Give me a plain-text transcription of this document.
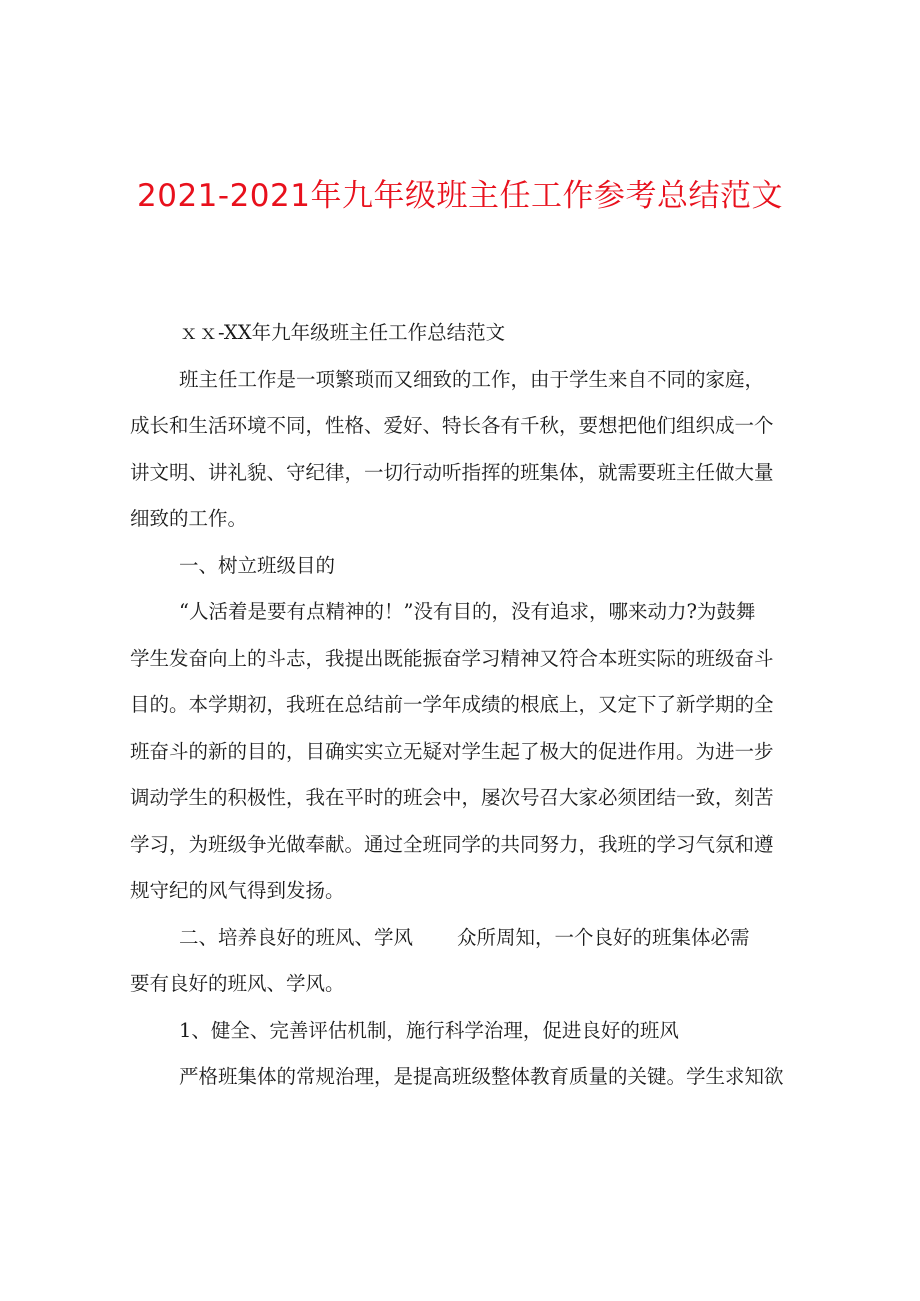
2021-2021年九年级班主任工作参考总结范文
ｘｘ-XX年九年级班主任工作总结范文
班主任工作是一项繁琐而又细致的工作，由于学生来自不同的家庭，
成长和生活环境不同，性格、爱好、特长各有千秋，要想把他们组织成一个
讲文明、讲礼貌、守纪律，一切行动听指挥的班集体，就需要班主任做大量
细致的工作。
一、树立班级目的
“人活着是要有点精神的！”没有目的，没有追求，哪来动力?为鼓舞
学生发奋向上的斗志，我提出既能振奋学习精神又符合本班实际的班级奋斗
目的。本学期初，我班在总结前一学年成绩的根底上，又定下了新学期的全
班奋斗的新的目的，目确实实立无疑对学生起了极大的促进作用。为进一步
调动学生的积极性，我在平时的班会中，屡次号召大家必须团结一致，刻苦
学习，为班级争光做奉献。通过全班同学的共同努力，我班的学习气氛和遵
规守纪的风气得到发扬。
二、培养良好的班风、学风 众所周知，一个良好的班集体必需
要有良好的班风、学风。
1、健全、完善评估机制，施行科学治理，促进良好的班风
严格班集体的常规治理，是提高班级整体教育质量的关键。学生求知欲
